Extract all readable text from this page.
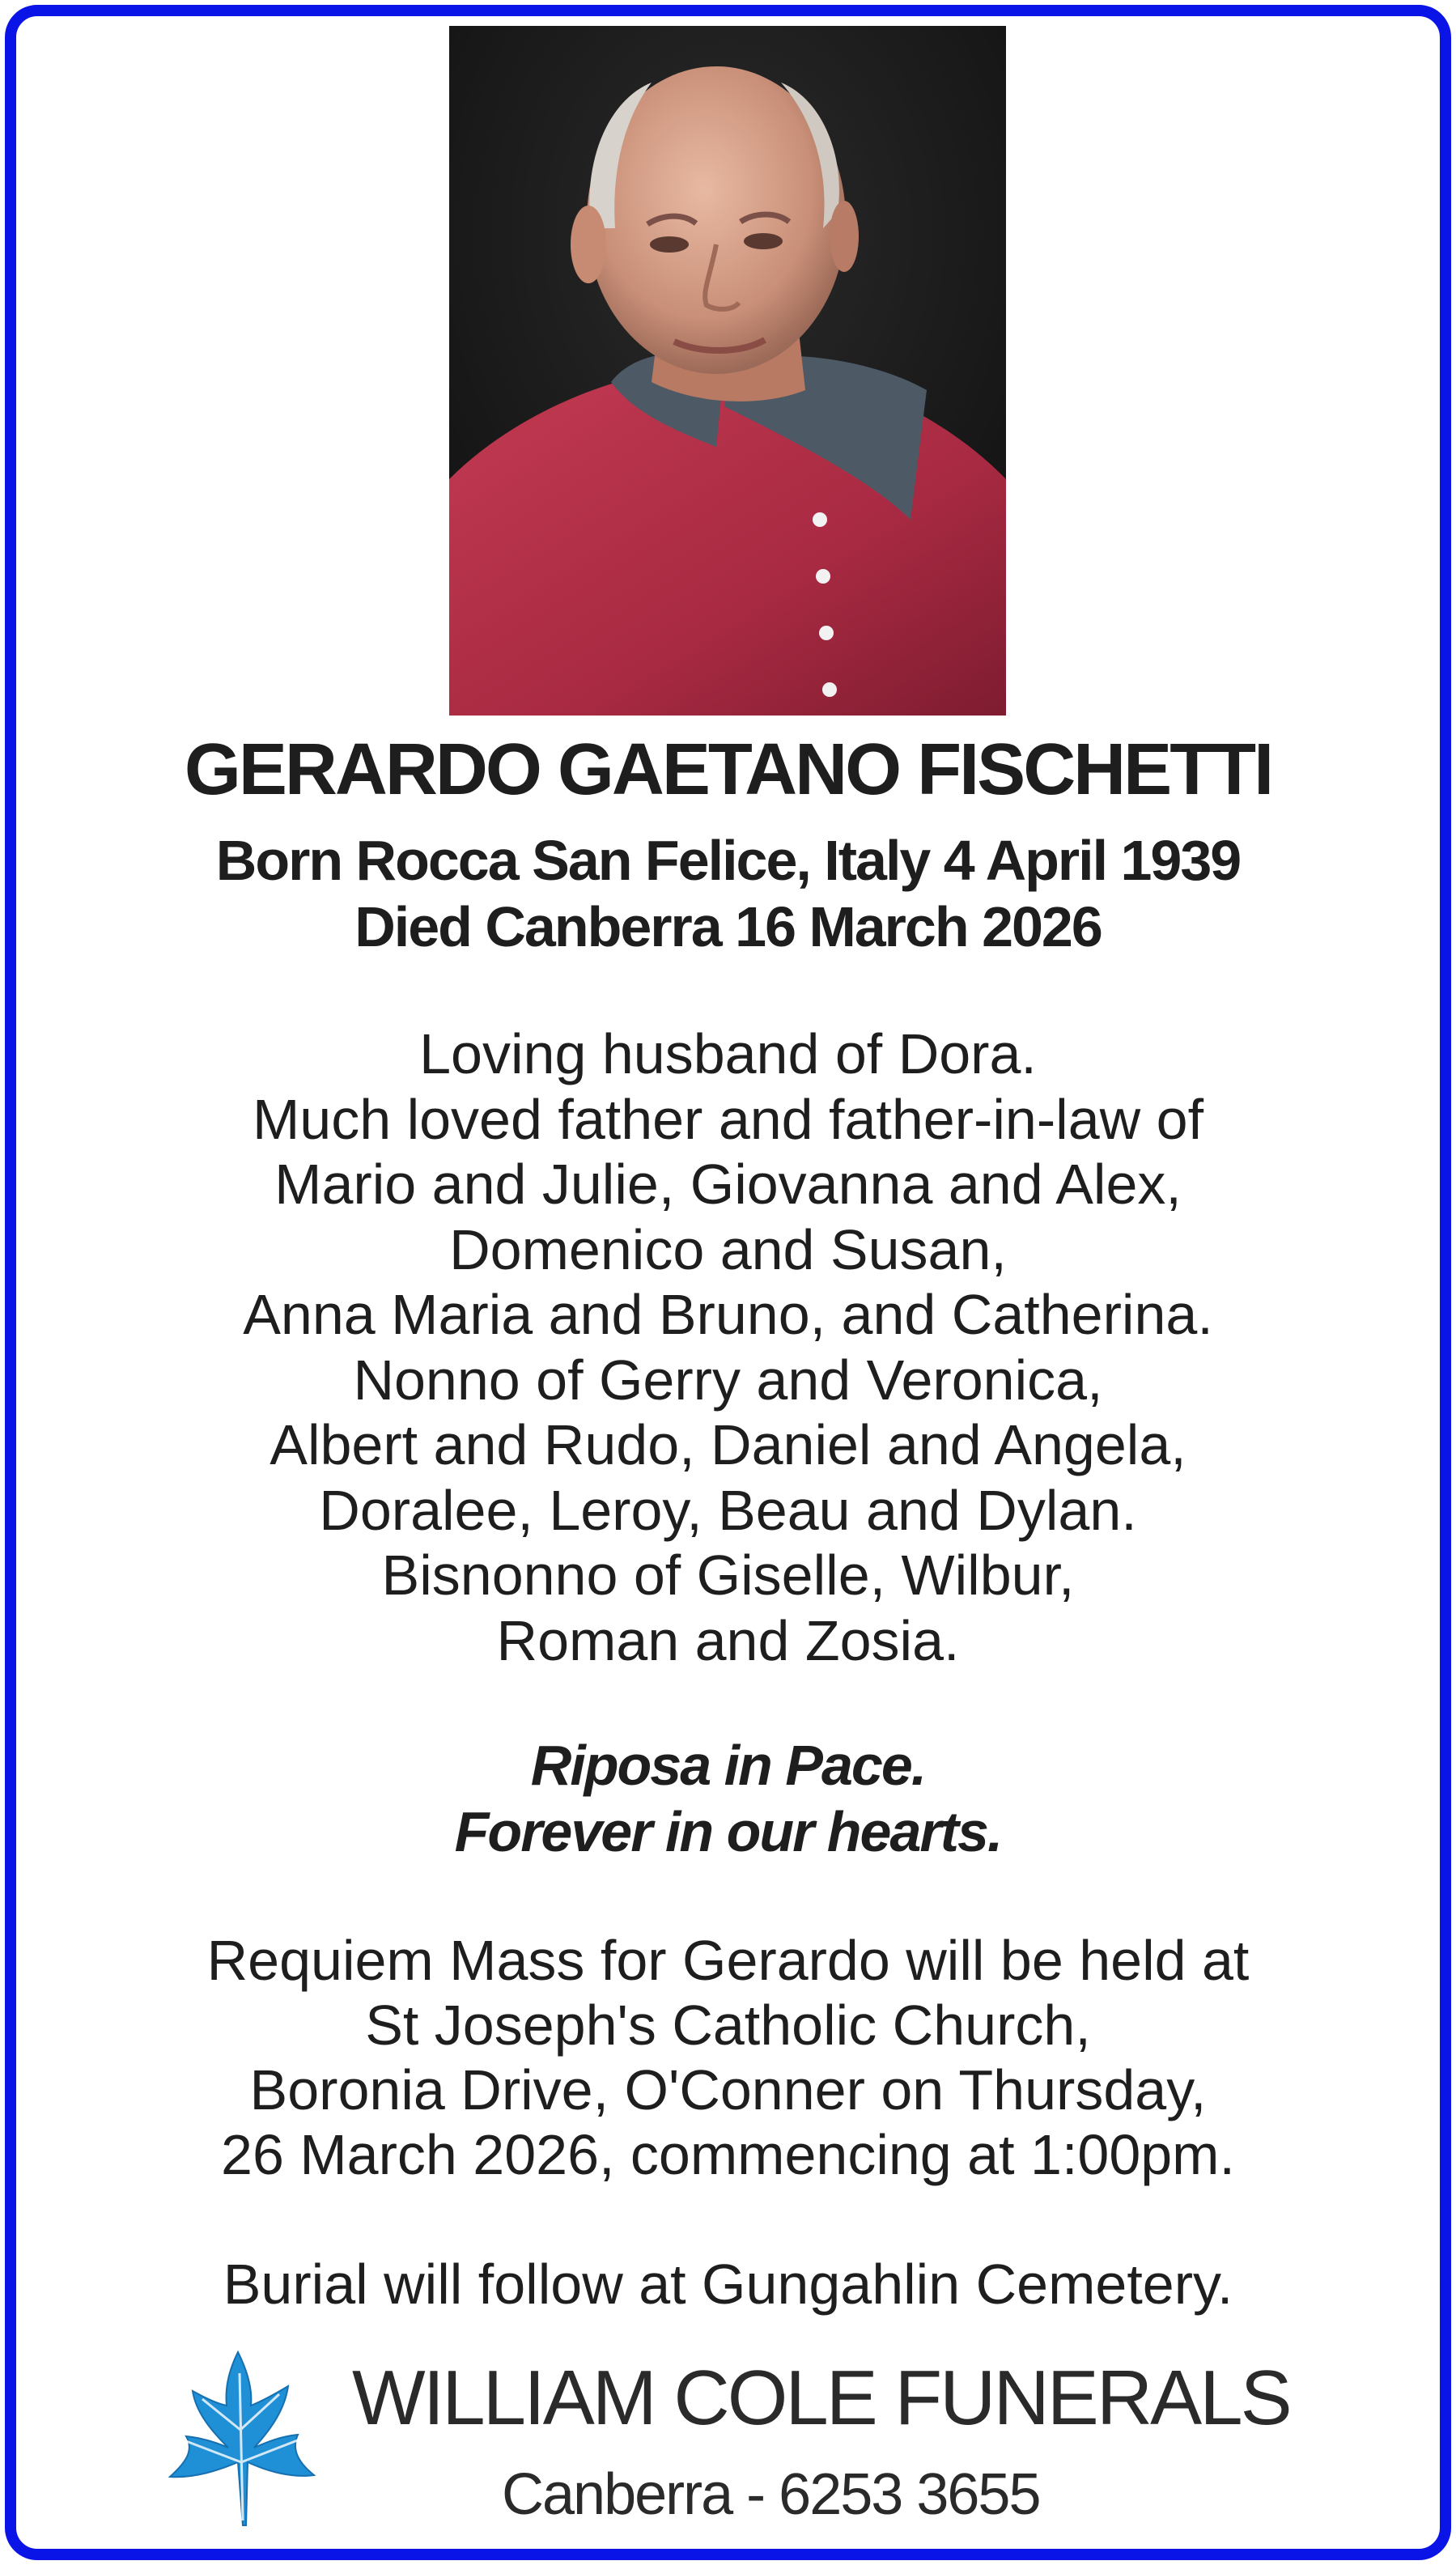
GERARDO GAETANO FISCHETTI
Born Rocca San Felice, Italy 4 April 1939
Died Canberra 16 March 2026
Loving husband of Dora.
Much loved father and father-in-law of
Mario and Julie, Giovanna and Alex,
Domenico and Susan,
Anna Maria and Bruno, and Catherina.
Nonno of Gerry and Veronica,
Albert and Rudo, Daniel and Angela,
Doralee, Leroy, Beau and Dylan.
Bisnonno of Giselle, Wilbur,
Roman and Zosia.
Riposa in Pace.
Forever in our hearts.
Requiem Mass for Gerardo will be held at
St Joseph's Catholic Church,
Boronia Drive, O'Conner on Thursday,
26 March 2026, commencing at 1:00pm.
Burial will follow at Gungahlin Cemetery.
WILLIAM COLE FUNERALS
Canberra - 6253 3655
